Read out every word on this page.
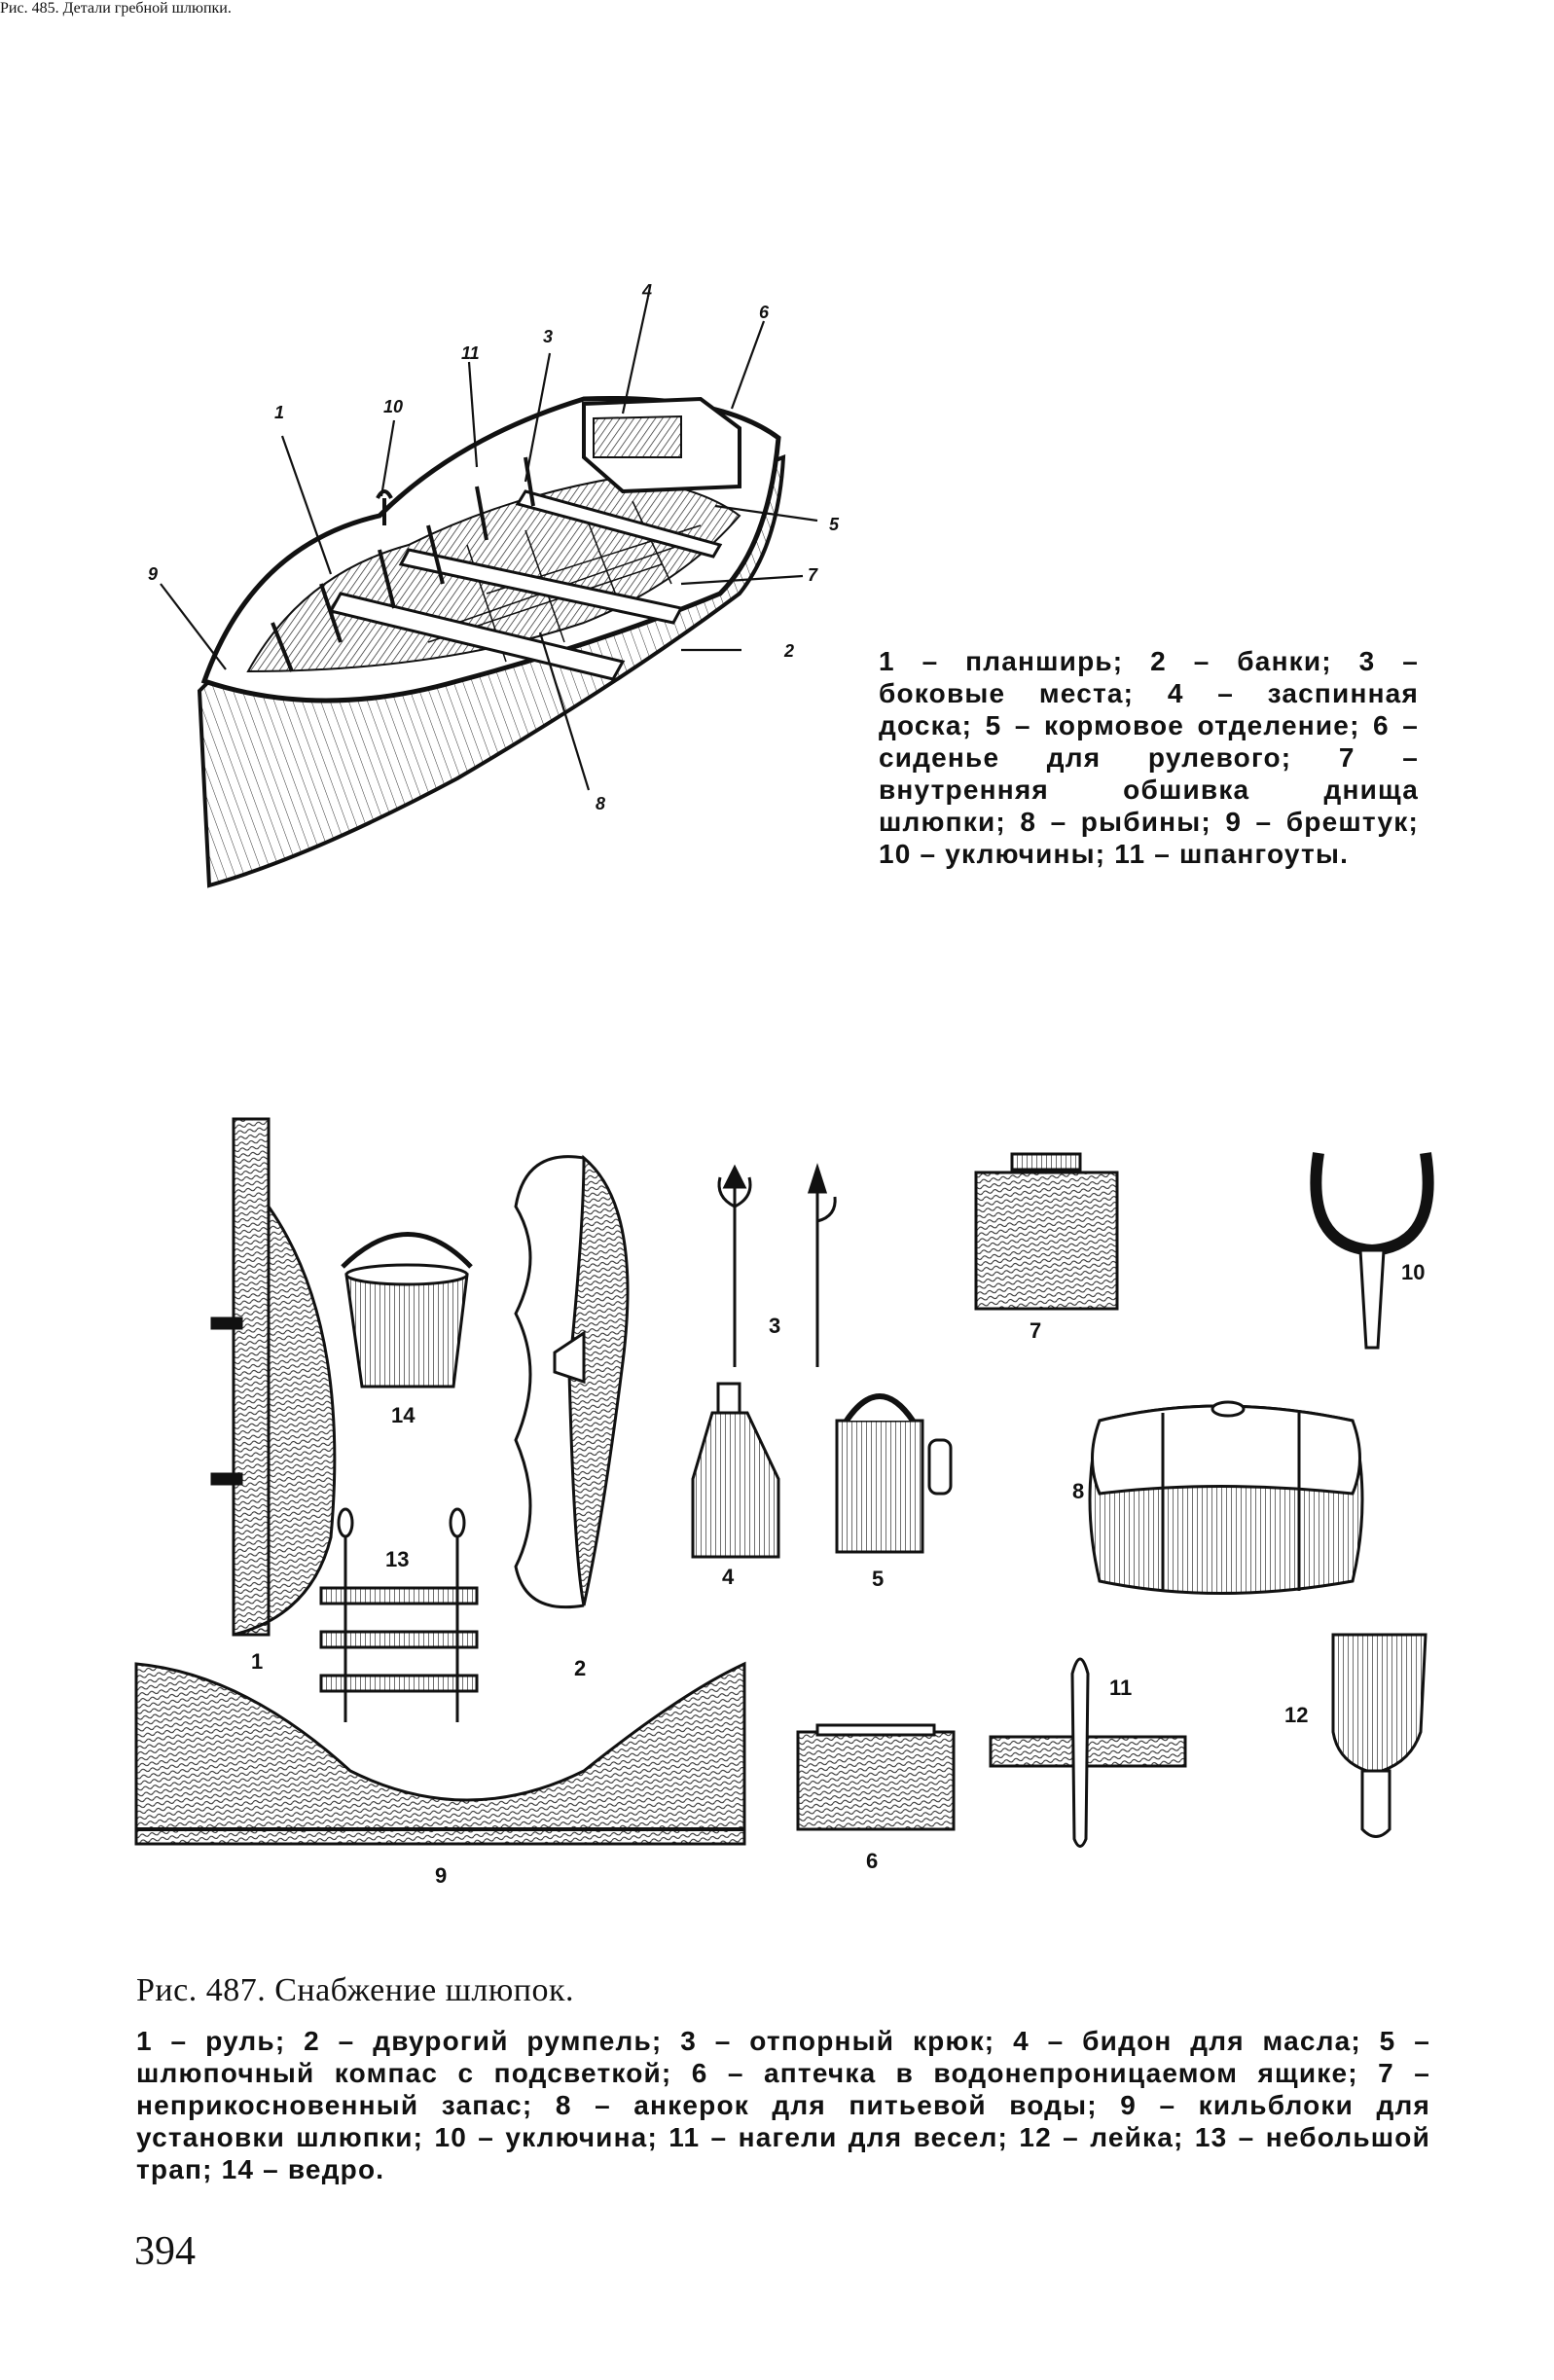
1
2
3
4
5
6
7
8
9
10
11
Рис. 485. Детали гребной шлюпки.
1 – планширь; 2 – банки; 3 – боковые места; 4 – заспинная доска; 5 – кормовое отделение; 6 – сиденье для рулевого; 7 – внутренняя обшивка днища шлюпки; 8 – рыбины; 9 – брештук; 10 – уключины; 11 – шпангоуты.
1	2
3
4	5
6
7
8
9
10
11
12
13
14
Рис. 487. Снабжение шлюпок.
1 – руль; 2 – двурогий румпель; 3 – отпорный крюк; 4 – бидон для масла; 5 – шлюпочный компас с подсветкой; 6 – аптечка в водонепроницаемом ящике; 7 – неприкосновенный запас; 8 – анкерок для питьевой воды; 9 – кильблоки для установки шлюпки; 10 – уключина; 11 – нагели для весел; 12 – лейка; 13 – небольшой трап; 14 – ведро.
394
